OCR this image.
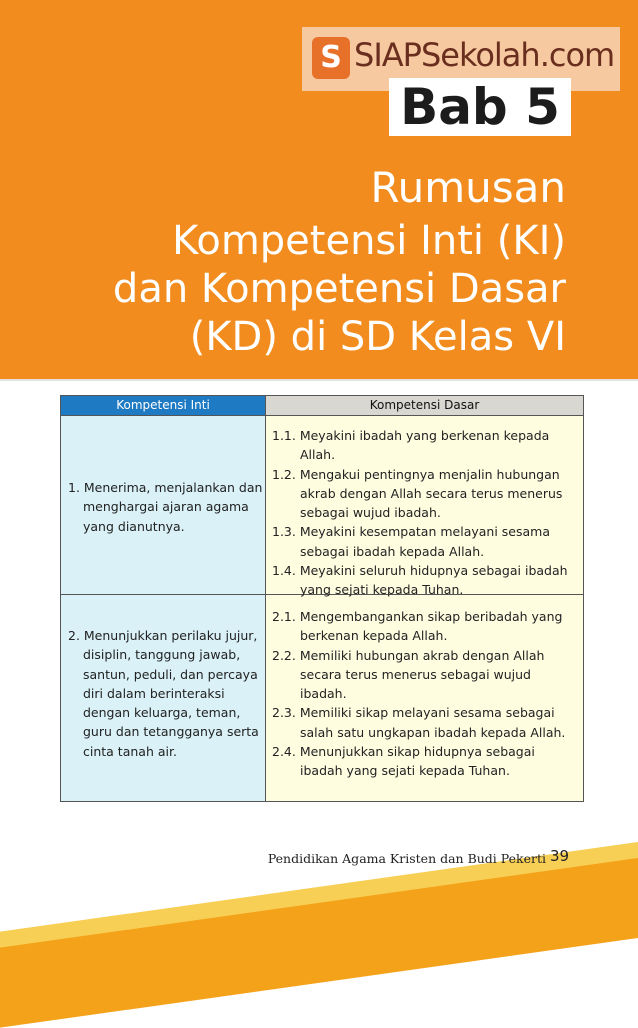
S SIAPSekolah.com
Bab 5
Rumusan
Kompetensi Inti (KI)
dan Kompetensi Dasar
(KD) di SD Kelas VI
Kompetensi Inti	Kompetensi Dasar
1. Menerima, menjalankan dan menghargai ajaran agama yang dianutnya.
1.1. Meyakini ibadah yang berkenan kepada Allah.
1.2. Mengakui pentingnya menjalin hubungan akrab dengan Allah secara terus menerus sebagai wujud ibadah.
1.3. Meyakini kesempatan melayani sesama sebagai ibadah kepada Allah.
1.4. Meyakini seluruh hidupnya sebagai ibadah yang sejati kepada Tuhan.
2. Menunjukkan perilaku jujur, disiplin, tanggung jawab, santun, peduli, dan percaya diri dalam berinteraksi dengan keluarga, teman, guru dan tetangganya serta cinta tanah air.
2.1. Mengembangankan sikap beribadah yang berkenan kepada Allah.
2.2. Memiliki hubungan akrab dengan Allah secara terus menerus sebagai wujud ibadah.
2.3. Memiliki sikap melayani sesama sebagai salah satu ungkapan ibadah kepada Allah.
2.4. Menunjukkan sikap hidupnya sebagai ibadah yang sejati kepada Tuhan.
Pendidikan Agama Kristen dan Budi Pekerti 39
